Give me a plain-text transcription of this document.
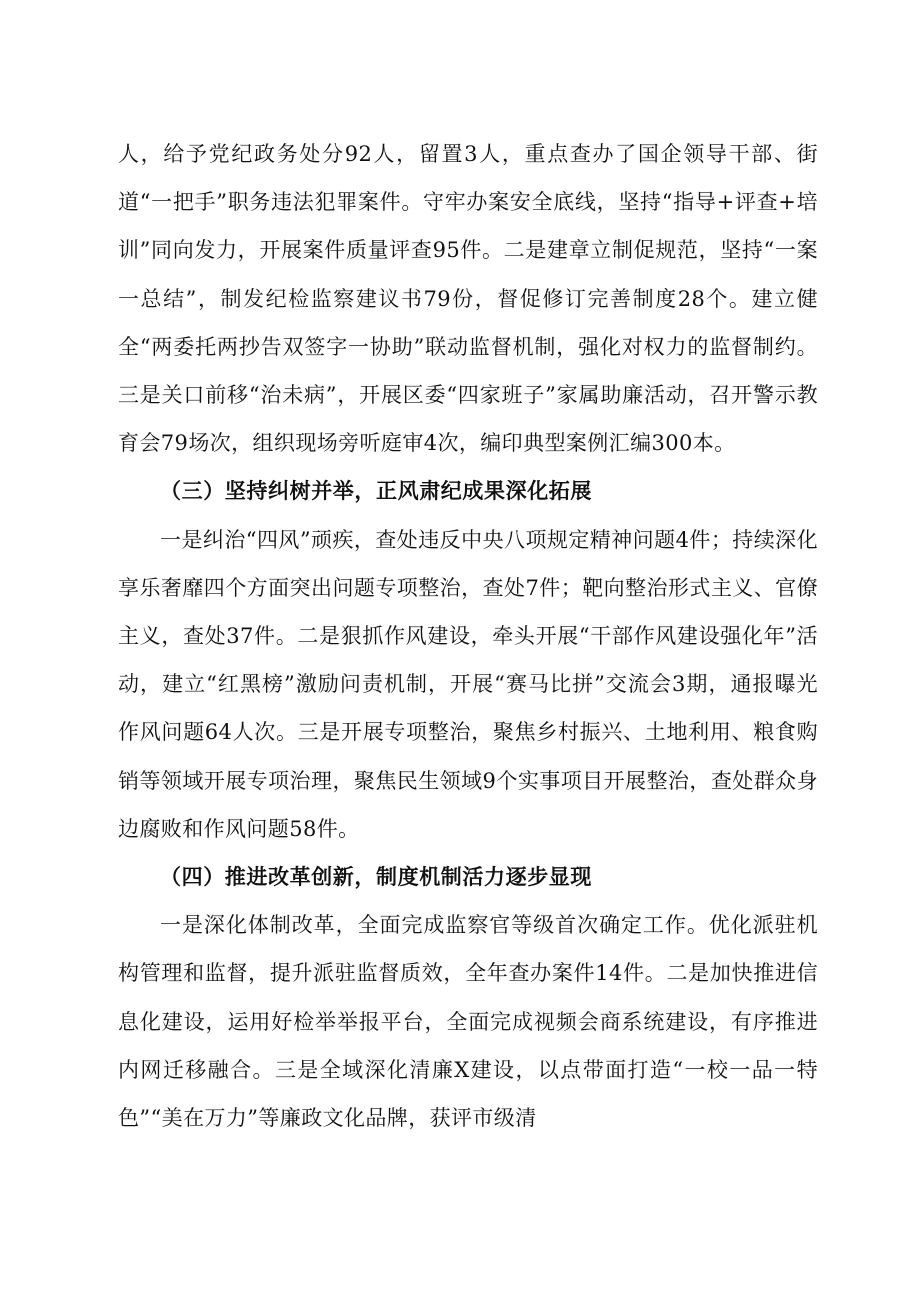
人，给予党纪政务处分92人，留置3人，重点查办了国企领导干部、街道“一把手”职务违法犯罪案件。守牢办案安全底线，坚持“指导+评查+培训”同向发力，开展案件质量评查95件。二是建章立制促规范，坚持“一案一总结”，制发纪检监察建议书79份，督促修订完善制度28个。建立健全“两委托两抄告双签字一协助”联动监督机制，强化对权力的监督制约。三是关口前移“治未病”，开展区委“四家班子”家属助廉活动，召开警示教育会79场次，组织现场旁听庭审4次，编印典型案例汇编300本。

（三）坚持纠树并举，正风肃纪成果深化拓展

一是纠治“四风”顽疾，查处违反中央八项规定精神问题4件；持续深化享乐奢靡四个方面突出问题专项整治，查处7件；靶向整治形式主义、官僚主义，查处37件。二是狠抓作风建设，牵头开展“干部作风建设强化年”活动，建立“红黑榜”激励问责机制，开展“赛马比拼”交流会3期，通报曝光作风问题64人次。三是开展专项整治，聚焦乡村振兴、土地利用、粮食购销等领域开展专项治理，聚焦民生领域9个实事项目开展整治，查处群众身边腐败和作风问题58件。

（四）推进改革创新，制度机制活力逐步显现

一是深化体制改革，全面完成监察官等级首次确定工作。优化派驻机构管理和监督，提升派驻监督质效，全年查办案件14件。二是加快推进信息化建设，运用好检举举报平台，全面完成视频会商系统建设，有序推进内网迁移融合。三是全域深化清廉X建设，以点带面打造“一校一品一特色”“美在万力”等廉政文化品牌，获评市级清
